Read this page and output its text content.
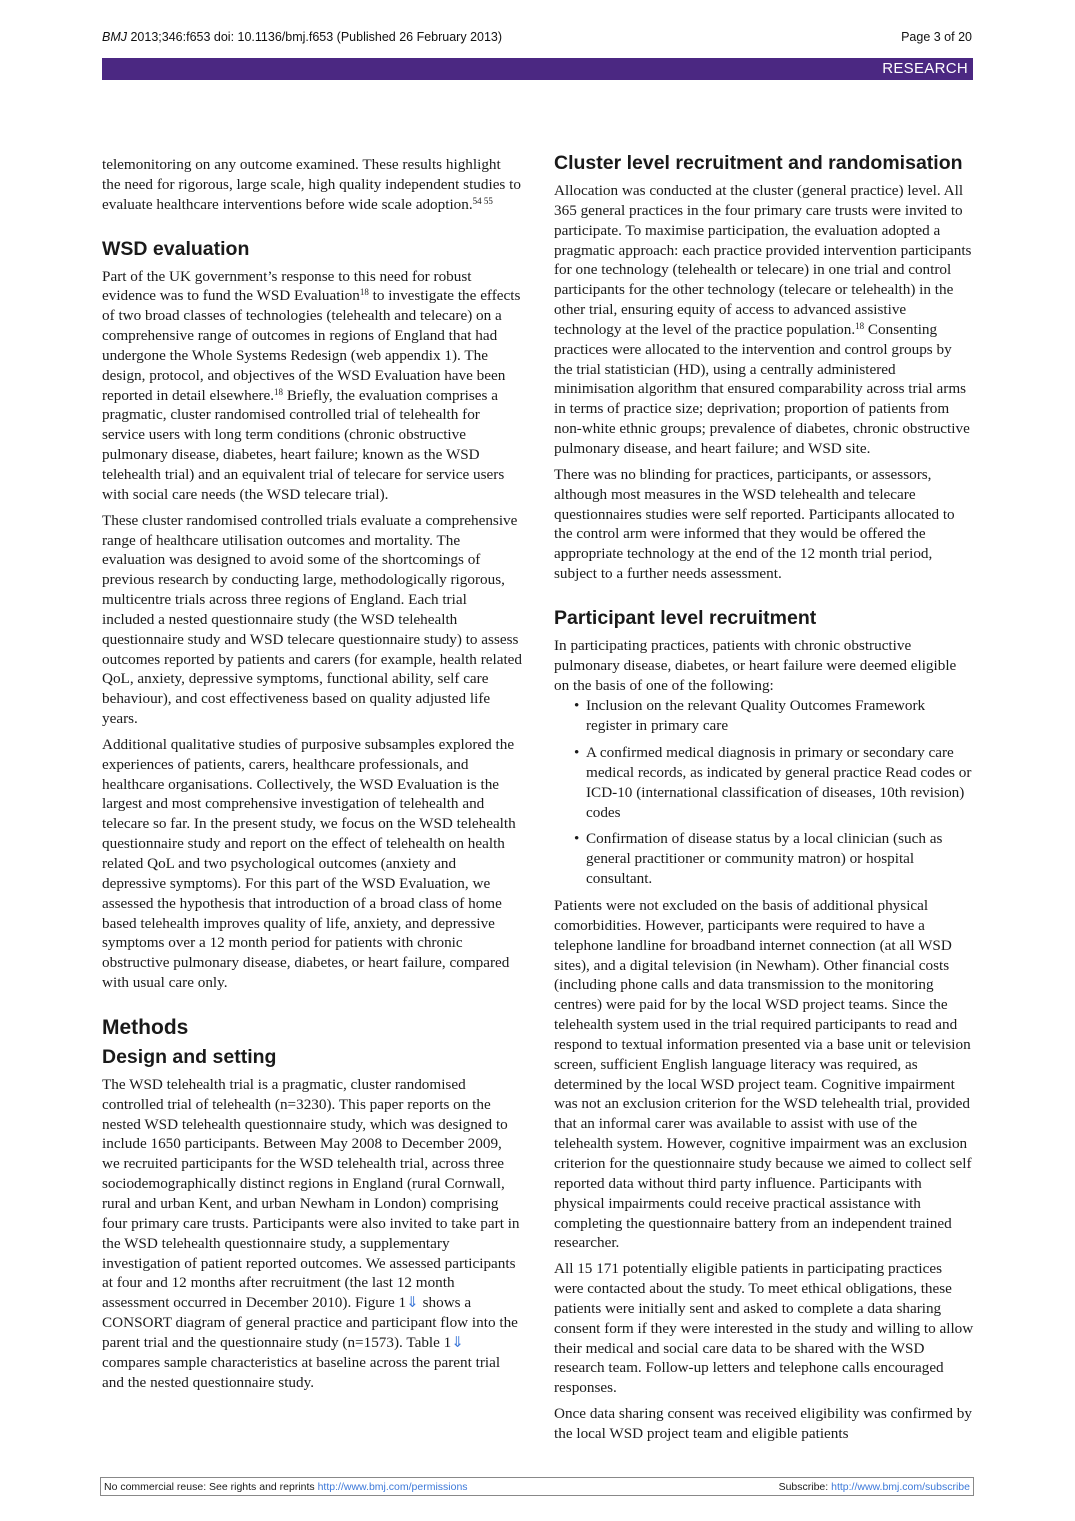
BMJ 2013;346:f653 doi: 10.1136/bmj.f653 (Published 26 February 2013)	Page 3 of 20
RESEARCH

telemonitoring on any outcome examined. These results highlight the need for rigorous, large scale, high quality independent studies to evaluate healthcare interventions before wide scale adoption.$^{54 55}$

WSD evaluation

Part of the UK government’s response to this need for robust evidence was to fund the WSD Evaluation$^{18}$ to investigate the effects of two broad classes of technologies (telehealth and telecare) on a comprehensive range of outcomes in regions of England that had undergone the Whole Systems Redesign (web appendix 1). The design, protocol, and objectives of the WSD Evaluation have been reported in detail elsewhere.$^{18}$ Briefly, the evaluation comprises a pragmatic, cluster randomised controlled trial of telehealth for service users with long term conditions (chronic obstructive pulmonary disease, diabetes, heart failure; known as the WSD telehealth trial) and an equivalent trial of telecare for service users with social care needs (the WSD telecare trial).

These cluster randomised controlled trials evaluate a comprehensive range of healthcare utilisation outcomes and mortality. The evaluation was designed to avoid some of the shortcomings of previous research by conducting large, methodologically rigorous, multicentre trials across three regions of England. Each trial included a nested questionnaire study (the WSD telehealth questionnaire study and WSD telecare questionnaire study) to assess outcomes reported by patients and carers (for example, health related QoL, anxiety, depressive symptoms, functional ability, self care behaviour), and cost effectiveness based on quality adjusted life years.

Additional qualitative studies of purposive subsamples explored the experiences of patients, carers, healthcare professionals, and healthcare organisations. Collectively, the WSD Evaluation is the largest and most comprehensive investigation of telehealth and telecare so far. In the present study, we focus on the WSD telehealth questionnaire study and report on the effect of telehealth on health related QoL and two psychological outcomes (anxiety and depressive symptoms). For this part of the WSD Evaluation, we assessed the hypothesis that introduction of a broad class of home based telehealth improves quality of life, anxiety, and depressive symptoms over a 12 month period for patients with chronic obstructive pulmonary disease, diabetes, or heart failure, compared with usual care only.

Methods
Design and setting

The WSD telehealth trial is a pragmatic, cluster randomised controlled trial of telehealth (n=3230). This paper reports on the nested WSD telehealth questionnaire study, which was designed to include 1650 participants. Between May 2008 to December 2009, we recruited participants for the WSD telehealth trial, across three sociodemographically distinct regions in England (rural Cornwall, rural and urban Kent, and urban Newham in London) comprising four primary care trusts. Participants were also invited to take part in the WSD telehealth questionnaire study, a supplementary investigation of patient reported outcomes. We assessed participants at four and 12 months after recruitment (the last 12 month assessment occurred in December 2010). Figure 1⇓ shows a CONSORT diagram of general practice and participant flow into the parent trial and the questionnaire study (n=1573). Table 1⇓ compares sample characteristics at baseline across the parent trial and the nested questionnaire study.

Cluster level recruitment and randomisation

Allocation was conducted at the cluster (general practice) level. All 365 general practices in the four primary care trusts were invited to participate. To maximise participation, the evaluation adopted a pragmatic approach: each practice provided intervention participants for one technology (telehealth or telecare) in one trial and control participants for the other technology (telecare or telehealth) in the other trial, ensuring equity of access to advanced assistive technology at the level of the practice population.$^{18}$ Consenting practices were allocated to the intervention and control groups by the trial statistician (HD), using a centrally administered minimisation algorithm that ensured comparability across trial arms in terms of practice size; deprivation; proportion of patients from non-white ethnic groups; prevalence of diabetes, chronic obstructive pulmonary disease, and heart failure; and WSD site.

There was no blinding for practices, participants, or assessors, although most measures in the WSD telehealth and telecare questionnaires studies were self reported. Participants allocated to the control arm were informed that they would be offered the appropriate technology at the end of the 12 month trial period, subject to a further needs assessment.

Participant level recruitment

In participating practices, patients with chronic obstructive pulmonary disease, diabetes, or heart failure were deemed eligible on the basis of one of the following:

• Inclusion on the relevant Quality Outcomes Framework register in primary care
• A confirmed medical diagnosis in primary or secondary care medical records, as indicated by general practice Read codes or ICD-10 (international classification of diseases, 10th revision) codes
• Confirmation of disease status by a local clinician (such as general practitioner or community matron) or hospital consultant.

Patients were not excluded on the basis of additional physical comorbidities. However, participants were required to have a telephone landline for broadband internet connection (at all WSD sites), and a digital television (in Newham). Other financial costs (including phone calls and data transmission to the monitoring centres) were paid for by the local WSD project teams. Since the telehealth system used in the trial required participants to read and respond to textual information presented via a base unit or television screen, sufficient English language literacy was required, as determined by the local WSD project team. Cognitive impairment was not an exclusion criterion for the WSD telehealth trial, provided that an informal carer was available to assist with use of the telehealth system. However, cognitive impairment was an exclusion criterion for the questionnaire study because we aimed to collect self reported data without third party influence. Participants with physical impairments could receive practical assistance with completing the questionnaire battery from an independent trained researcher.

All 15 171 potentially eligible patients in participating practices were contacted about the study. To meet ethical obligations, these patients were initially sent and asked to complete a data sharing consent form if they were interested in the study and willing to allow their medical and social care data to be shared with the WSD research team. Follow-up letters and telephone calls encouraged responses.

Once data sharing consent was received eligibility was confirmed by the local WSD project team and eligible patients

No commercial reuse: See rights and reprints http://www.bmj.com/permissions	Subscribe: http://www.bmj.com/subscribe
